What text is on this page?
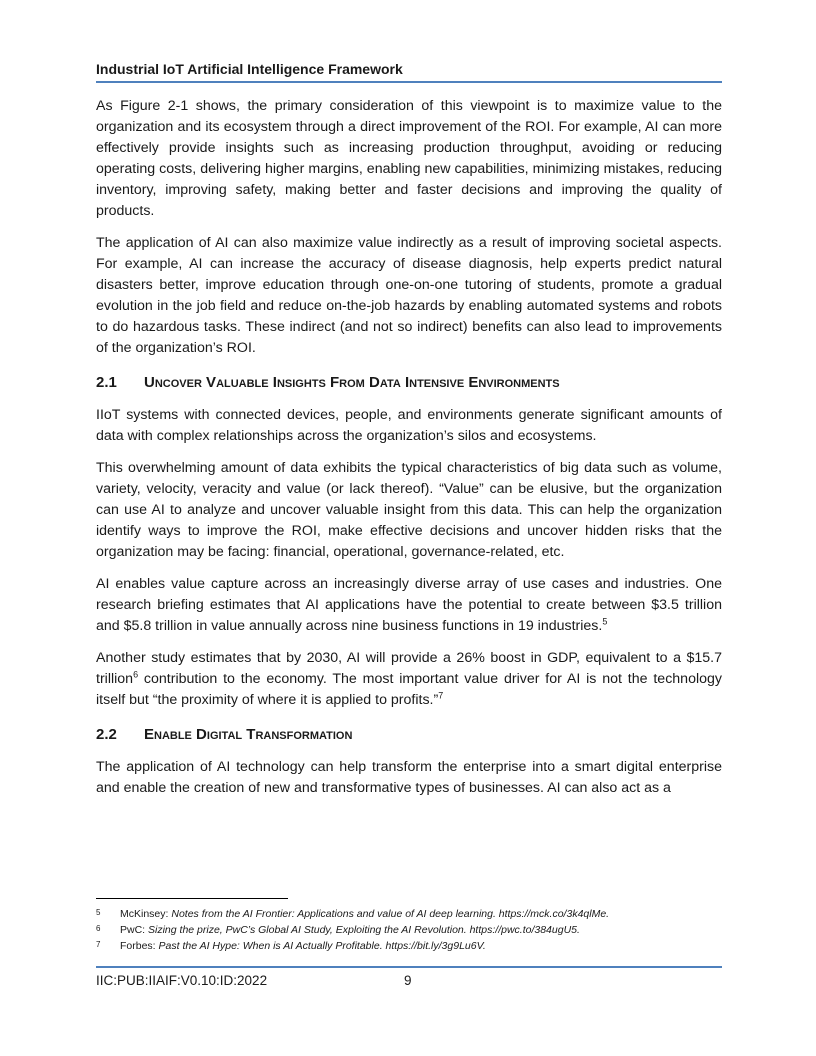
Industrial IoT Artificial Intelligence Framework

As Figure 2-1 shows, the primary consideration of this viewpoint is to maximize value to the organization and its ecosystem through a direct improvement of the ROI. For example, AI can more effectively provide insights such as increasing production throughput, avoiding or reducing operating costs, delivering higher margins, enabling new capabilities, minimizing mistakes, reducing inventory, improving safety, making better and faster decisions and improving the quality of products.

The application of AI can also maximize value indirectly as a result of improving societal aspects. For example, AI can increase the accuracy of disease diagnosis, help experts predict natural disasters better, improve education through one-on-one tutoring of students, promote a gradual evolution in the job field and reduce on-the-job hazards by enabling automated systems and robots to do hazardous tasks. These indirect (and not so indirect) benefits can also lead to improvements of the organization’s ROI.

2.1 Uncover Valuable Insights From Data Intensive Environments

IIoT systems with connected devices, people, and environments generate significant amounts of data with complex relationships across the organization’s silos and ecosystems.

This overwhelming amount of data exhibits the typical characteristics of big data such as volume, variety, velocity, veracity and value (or lack thereof). “Value” can be elusive, but the organization can use AI to analyze and uncover valuable insight from this data. This can help the organization identify ways to improve the ROI, make effective decisions and uncover hidden risks that the organization may be facing: financial, operational, governance-related, etc.

AI enables value capture across an increasingly diverse array of use cases and industries. One research briefing estimates that AI applications have the potential to create between $3.5 trillion and $5.8 trillion in value annually across nine business functions in 19 industries.$^5$

Another study estimates that by 2030, AI will provide a 26% boost in GDP, equivalent to a $15.7 trillion$^6$ contribution to the economy. The most important value driver for AI is not the technology itself but “the proximity of where it is applied to profits.”$^7$

2.2 Enable Digital Transformation

The application of AI technology can help transform the enterprise into a smart digital enterprise and enable the creation of new and transformative types of businesses. AI can also act as a

5 McKinsey: Notes from the AI Frontier: Applications and value of AI deep learning. https://mck.co/3k4qlMe.
6 PwC: Sizing the prize, PwC’s Global AI Study, Exploiting the AI Revolution. https://pwc.to/384ugU5.
7 Forbes: Past the AI Hype: When is AI Actually Profitable. https://bit.ly/3g9Lu6V.
IIC:PUB:IIAIF:V0.10:ID:2022	9
